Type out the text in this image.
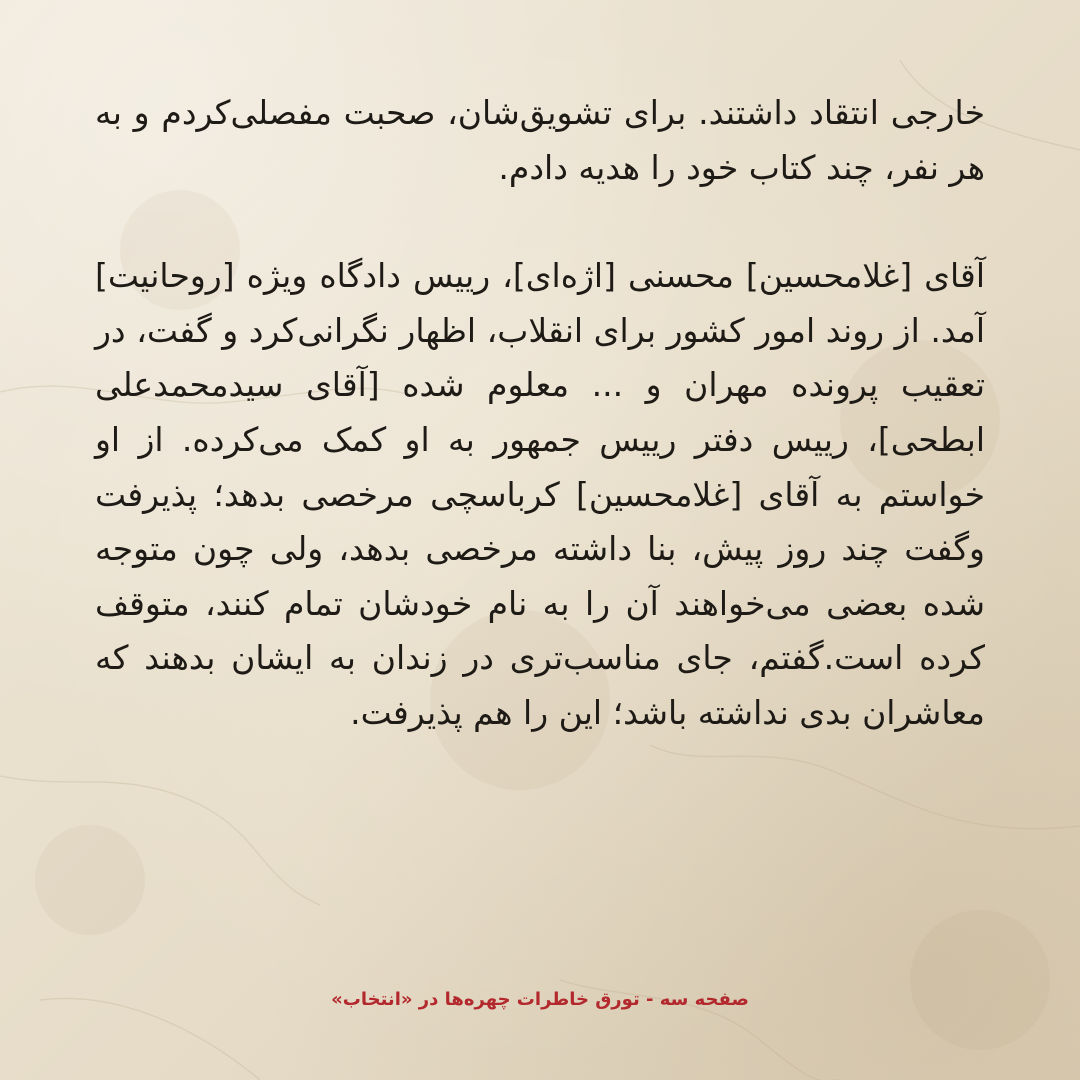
خارجی انتقاد داشتند. برای تشویق‌شان، صحبت مفصلی‌کردم و به هر نفر، چند کتاب خود را هدیه دادم.

آقای [غلامحسین] محسنی [اژه‌ای]، رییس دادگاه ویژه [روحانیت] آمد. از روند امور کشور برای انقلاب، اظهار نگرانی‌کرد و گفت، در تعقیب پرونده مهران و ... معلوم شده [آقای سیدمحمدعلی ابطحی]، رییس دفتر رییس جمهور به او کمک می‌کرده. از او خواستم به آقای [غلامحسین] کرباسچی مرخصی بدهد؛ پذیرفت وگفت چند روز پیش، بنا داشته مرخصی بدهد، ولی چون متوجه شده بعضی می‌خواهند آن را به نام خودشان تمام کنند، متوقف کرده است.گفتم، جای مناسب‌تری در زندان به ایشان بدهند که معاشران بدی نداشته باشد؛ این را هم پذیرفت.

صفحه سه - تورق خاطرات چهره‌ها در «انتخاب»
